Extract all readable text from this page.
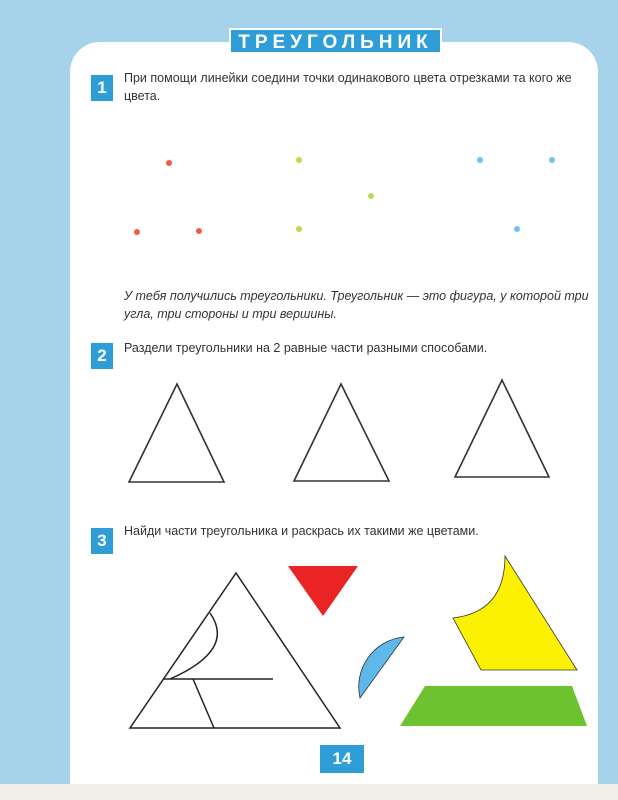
ТРЕУГОЛЬНИК
1	При помощи линейки соедини точки одинакового цвета отрезками та кого же цвета.
У тебя получились треугольники. Треугольник — это фигура, у которой три угла, три стороны и три вершины.
2	Раздели треугольники на 2 равные части разными способами.
3	Найди части треугольника и раскрась их такими же цветами.
14
